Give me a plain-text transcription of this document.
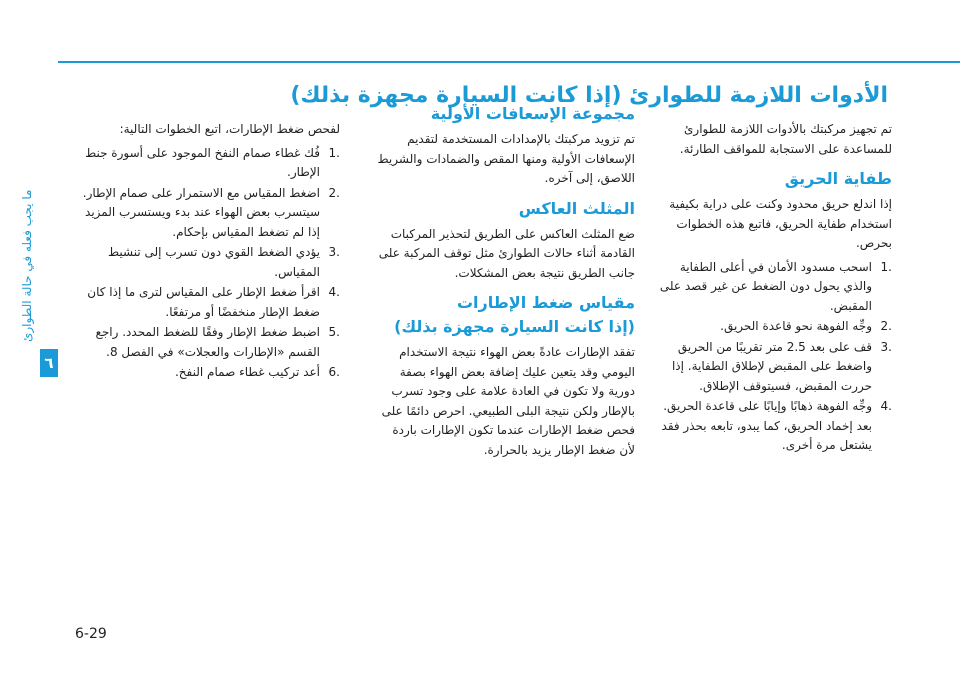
ما يجب فعله في حالة الطوارئ
٦
6-29
الأدوات اللازمة للطوارئ (إذا كانت السيارة مجهزة بذلك)

تم تجهيز مركبتك بالأدوات اللازمة للطوارئ للمساعدة على الاستجابة للمواقف الطارئة.

طفاية الحريق

إذا اندلع حريق محدود وكنت على دراية بكيفية استخدام طفاية الحريق، فاتبع هذه الخطوات بحرص.

1.
اسحب مسدود الأمان في أعلى الطفاية والذي يحول دون الضغط عن غير قصد على المقبض.
2.
وجِّه الفوهة نحو قاعدة الحريق.
3.
قف على بعد 2.5 متر تقريبًا من الحريق واضغط على المقبض لإطلاق الطفاية. إذا حررت المقبض، فسيتوقف الإطلاق.
4.
وجِّه الفوهة ذهابًا وإيابًا على قاعدة الحريق. بعد إخماد الحريق، كما يبدو، تابعه بحذر فقد يشتعل مرة أخرى.
مجموعة الإسعافات الأولية

تم تزويد مركبتك بالإمدادات المستخدمة لتقديم الإسعافات الأولية ومنها المقص والضمادات والشريط اللاصق، إلى آخره.

المثلث العاكس

ضع المثلث العاكس على الطريق لتحذير المركبات القادمة أثناء حالات الطوارئ مثل توقف المركبة على جانب الطريق نتيجة بعض المشكلات.

مقياس ضغط الإطارات
(إذا كانت السيارة مجهزة بذلك)

تفقد الإطارات عادةً بعض الهواء نتيجة الاستخدام اليومي وقد يتعين عليك إضافة بعض الهواء بصفة دورية ولا تكون في العادة علامة على وجود تسرب بالإطار ولكن نتيجة البلى الطبيعي. احرص دائمًا على فحص ضغط الإطارات عندما تكون الإطارات باردة لأن ضغط الإطار يزيد بالحرارة.

لفحص ضغط الإطارات، اتبع الخطوات التالية:

1.
فُك غطاء صمام النفخ الموجود على أسورة جنط الإطار.
2.
اضغط المقياس مع الاستمرار على صمام الإطار. سيتسرب بعض الهواء عند بدء ويستسرب المزيد إذا لم تضغط المقياس بإحكام.
3.
يؤدي الضغط القوي دون تسرب إلى تنشيط المقياس.
4.
اقرأ ضغط الإطار على المقياس لترى ما إذا كان ضغط الإطار منخفضًا أو مرتفعًا.
5.
اضبط ضغط الإطار وفقًا للضغط المحدد. راجع القسم «الإطارات والعجلات» في الفصل 8.
6.
أعد تركيب غطاء صمام النفخ.
